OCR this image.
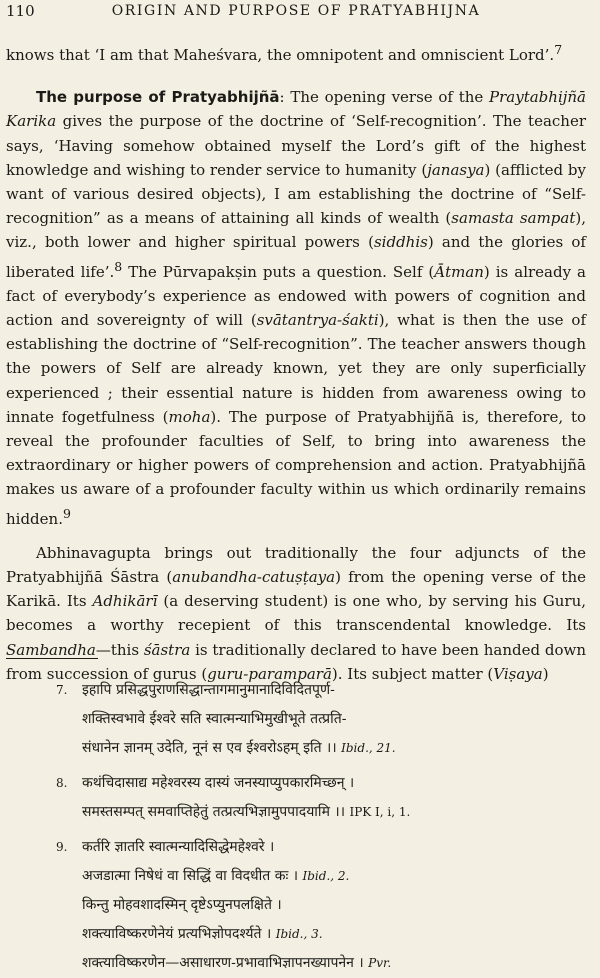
110	ORIGIN AND PURPOSE OF PRATYABHIJNA

knows that ‘I am that Maheśvara, the omnipotent and omniscient Lord’.$^7$

The purpose of Pratyabhijñā: The opening verse of the Praytabhijñā Karika gives the purpose of the doctrine of ‘Self-recognition’. The teacher says, ‘Having somehow obtained myself the Lord’s gift of the highest knowledge and wishing to render service to humanity (janasya) (afflicted by want of various desired objects), I am establishing the doctrine of “Self-recognition” as a means of attaining all kinds of wealth (samasta sampat), viz., both lower and higher spiritual powers (siddhis) and the glories of liberated life’.$^8$ The Pūrvapakṣin puts a question. Self (Ātman) is already a fact of everybody’s experience as endowed with powers of cognition and action and sovereignty of will (svātantrya-śakti), what is then the use of establishing the doctrine of “Self-recognition”. The teacher answers though the powers of Self are already known, yet they are only superficially experienced ; their essential nature is hidden from awareness owing to innate fogetfulness (moha). The purpose of Pratyabhijñā is, therefore, to reveal the profounder faculties of Self, to bring into awareness the extraordinary or higher powers of comprehension and action. Pratyabhijñā makes us aware of a profounder faculty within us which ordinarily remains hidden.$^9$

Abhinavagupta brings out traditionally the four adjuncts of the Pratyabhijñā Śāstra (anubandha-catuṣṭaya) from the opening verse of the Karikā. Its Adhikārī (a deserving student) is one who, by serving his Guru, becomes a worthy recepient of this transcendental knowledge. Its Sambandha—this śāstra is traditionally declared to have been handed down from succession of gurus (guru-paramparā). Its subject matter (Viṣaya)

7. इहापि प्रसिद्धपुराणसिद्धान्तागमानुमानादिविदितपूर्ण-
शक्तिस्वभावे ईश्वरे सति स्वात्मन्याभिमुखीभूते तत्प्रति-
संधानेन ज्ञानम् उदेति, नूनं स एव ईश्वरोऽहम् इति ।। Ibid., 21.
8. कथंचिदासाद्य महेश्वरस्य दास्यं जनस्याप्युपकारमिच्छन् ।
समस्तसम्पत् समवाप्तिहेतुं तत्प्रत्यभिज्ञामुपपादयामि ।। IPK I, i, 1.
9. कर्तरि ज्ञातरि स्वात्मन्यादिसिद्धेमहेश्वरे ।
अजडात्मा निषेधं वा सिद्धिं वा विदधीत कः । Ibid., 2.
किन्तु मोहवशादस्मिन् दृष्टेऽप्युनपलक्षिते ।
शक्त्याविष्करणेनेयं प्रत्यभिज्ञोपदर्श्यते । Ibid., 3.
शक्त्याविष्करणेन—असाधारण-प्रभावाभिज्ञापनख्यापनेन । Pvr.
